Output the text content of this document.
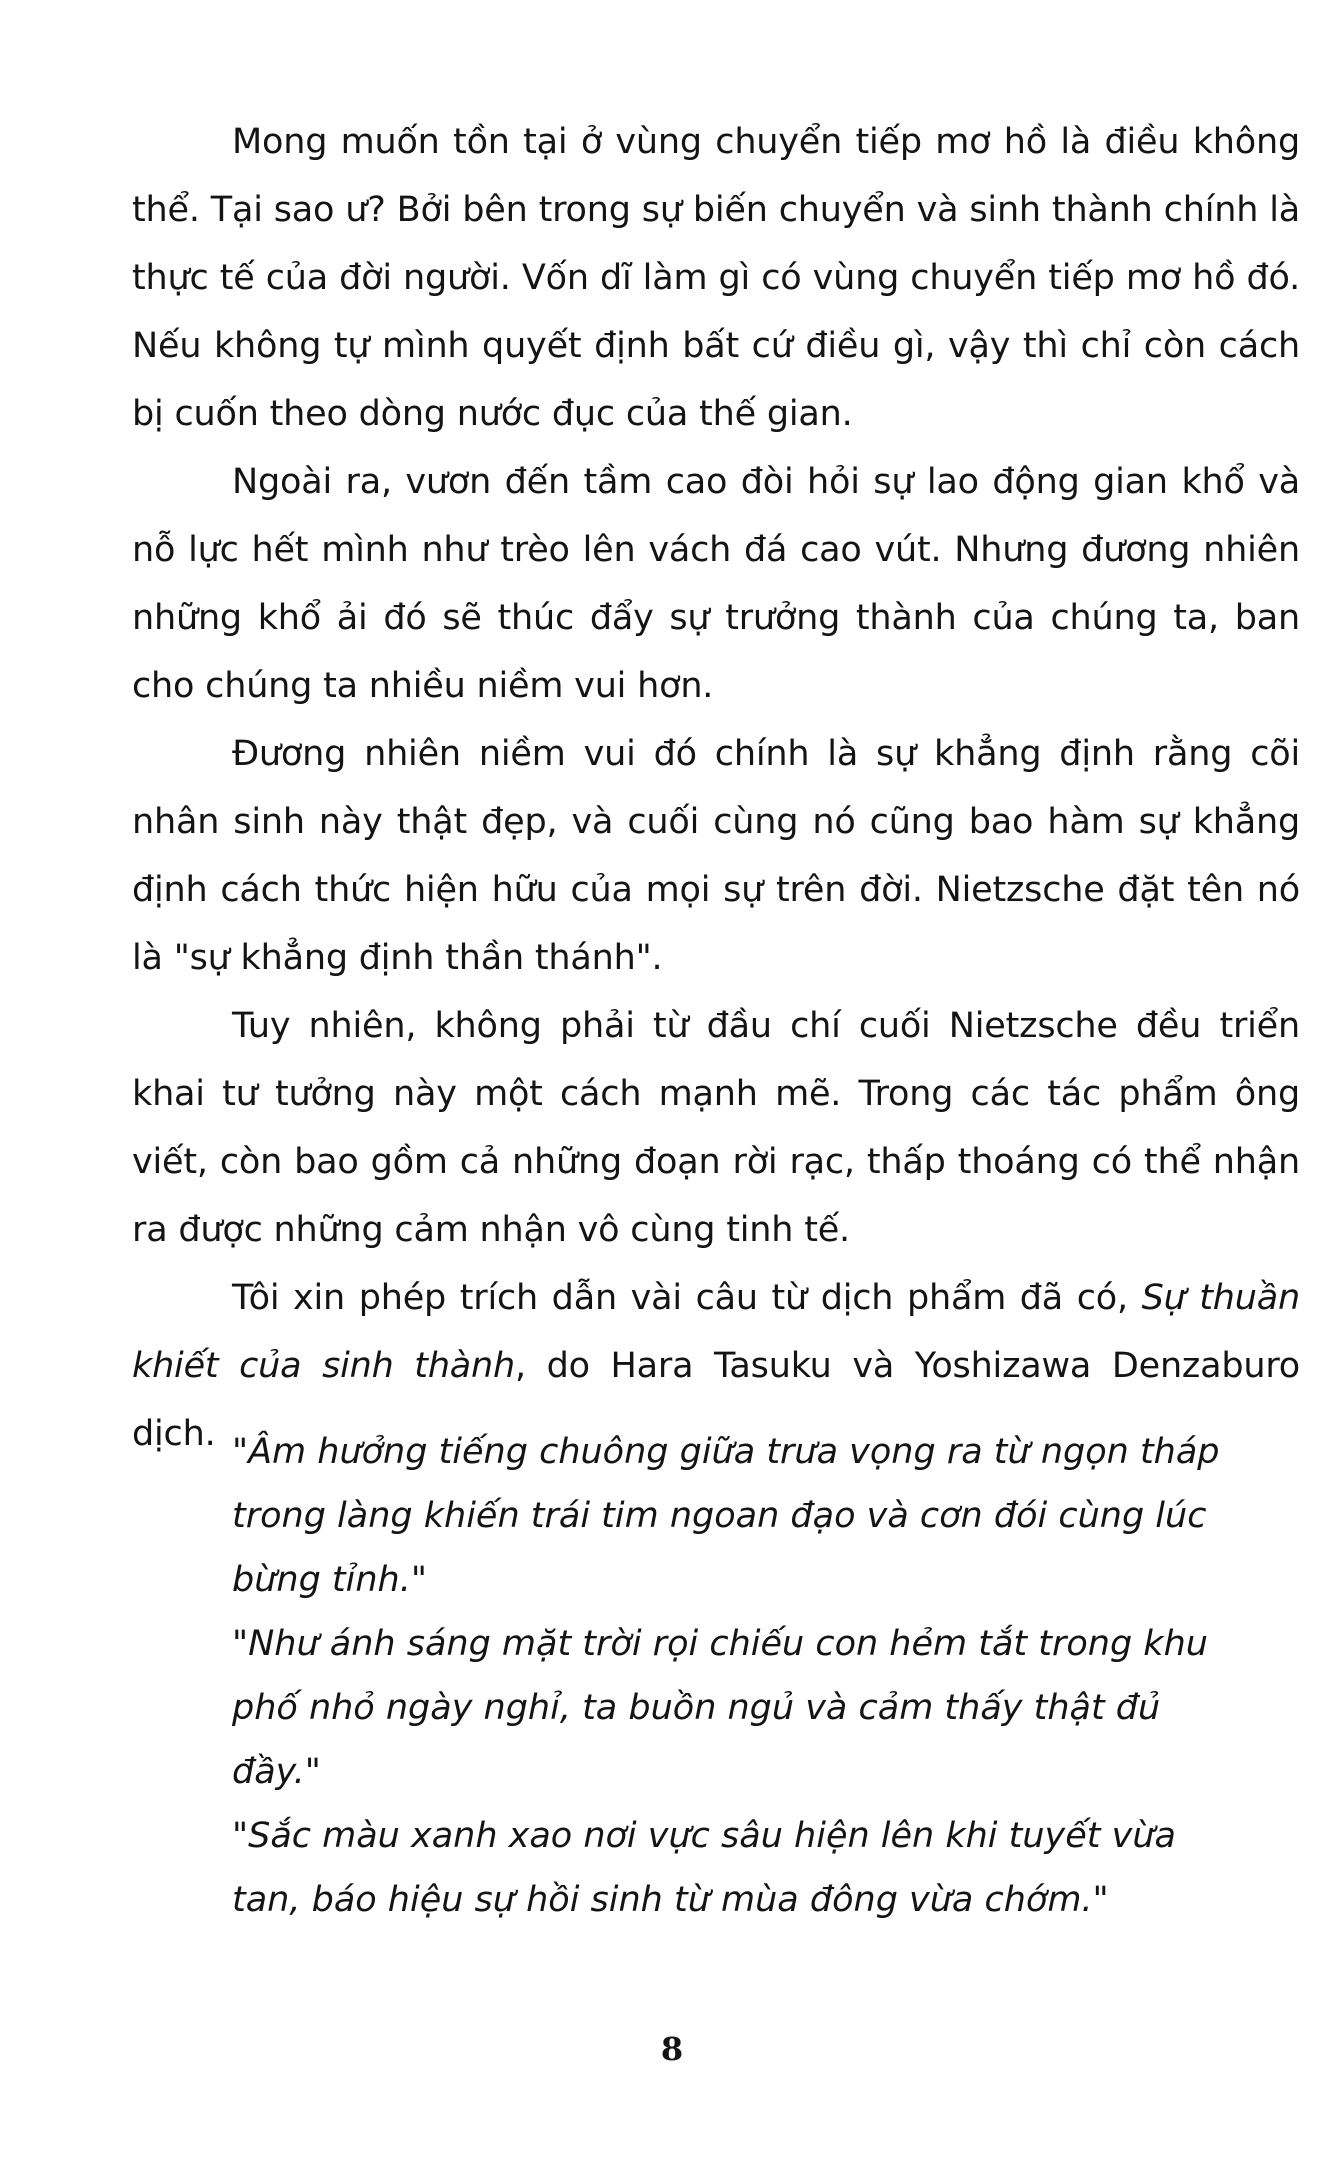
Mong muốn tồn tại ở vùng chuyển tiếp mơ hồ là điều không thể. Tại sao ư? Bởi bên trong sự biến chuyển và sinh thành chính là thực tế của đời người. Vốn dĩ làm gì có vùng chuyển tiếp mơ hồ đó. Nếu không tự mình quyết định bất cứ điều gì, vậy thì chỉ còn cách bị cuốn theo dòng nước đục của thế gian.

Ngoài ra, vươn đến tầm cao đòi hỏi sự lao động gian khổ và nỗ lực hết mình như trèo lên vách đá cao vút. Nhưng đương nhiên những khổ ải đó sẽ thúc đẩy sự trưởng thành của chúng ta, ban cho chúng ta nhiều niềm vui hơn.

Đương nhiên niềm vui đó chính là sự khẳng định rằng cõi nhân sinh này thật đẹp, và cuối cùng nó cũng bao hàm sự khẳng định cách thức hiện hữu của mọi sự trên đời. Nietzsche đặt tên nó là "sự khẳng định thần thánh".

Tuy nhiên, không phải từ đầu chí cuối Nietzsche đều triển khai tư tưởng này một cách mạnh mẽ. Trong các tác phẩm ông viết, còn bao gồm cả những đoạn rời rạc, thấp thoáng có thể nhận ra được những cảm nhận vô cùng tinh tế.

Tôi xin phép trích dẫn vài câu từ dịch phẩm đã có, Sự thuần khiết của sinh thành, do Hara Tasuku và Yoshizawa Denzaburo dịch. "Âm hưởng tiếng chuông giữa trưa vọng ra từ ngọn tháp trong làng khiến trái tim ngoan đạo và cơn đói cùng lúc bừng tỉnh."

"Như ánh sáng mặt trời rọi chiếu con hẻm tắt trong khu phố nhỏ ngày nghỉ, ta buồn ngủ và cảm thấy thật đủ đầy."

"Sắc màu xanh xao nơi vực sâu hiện lên khi tuyết vừa tan, báo hiệu sự hồi sinh từ mùa đông vừa chớm."

8
